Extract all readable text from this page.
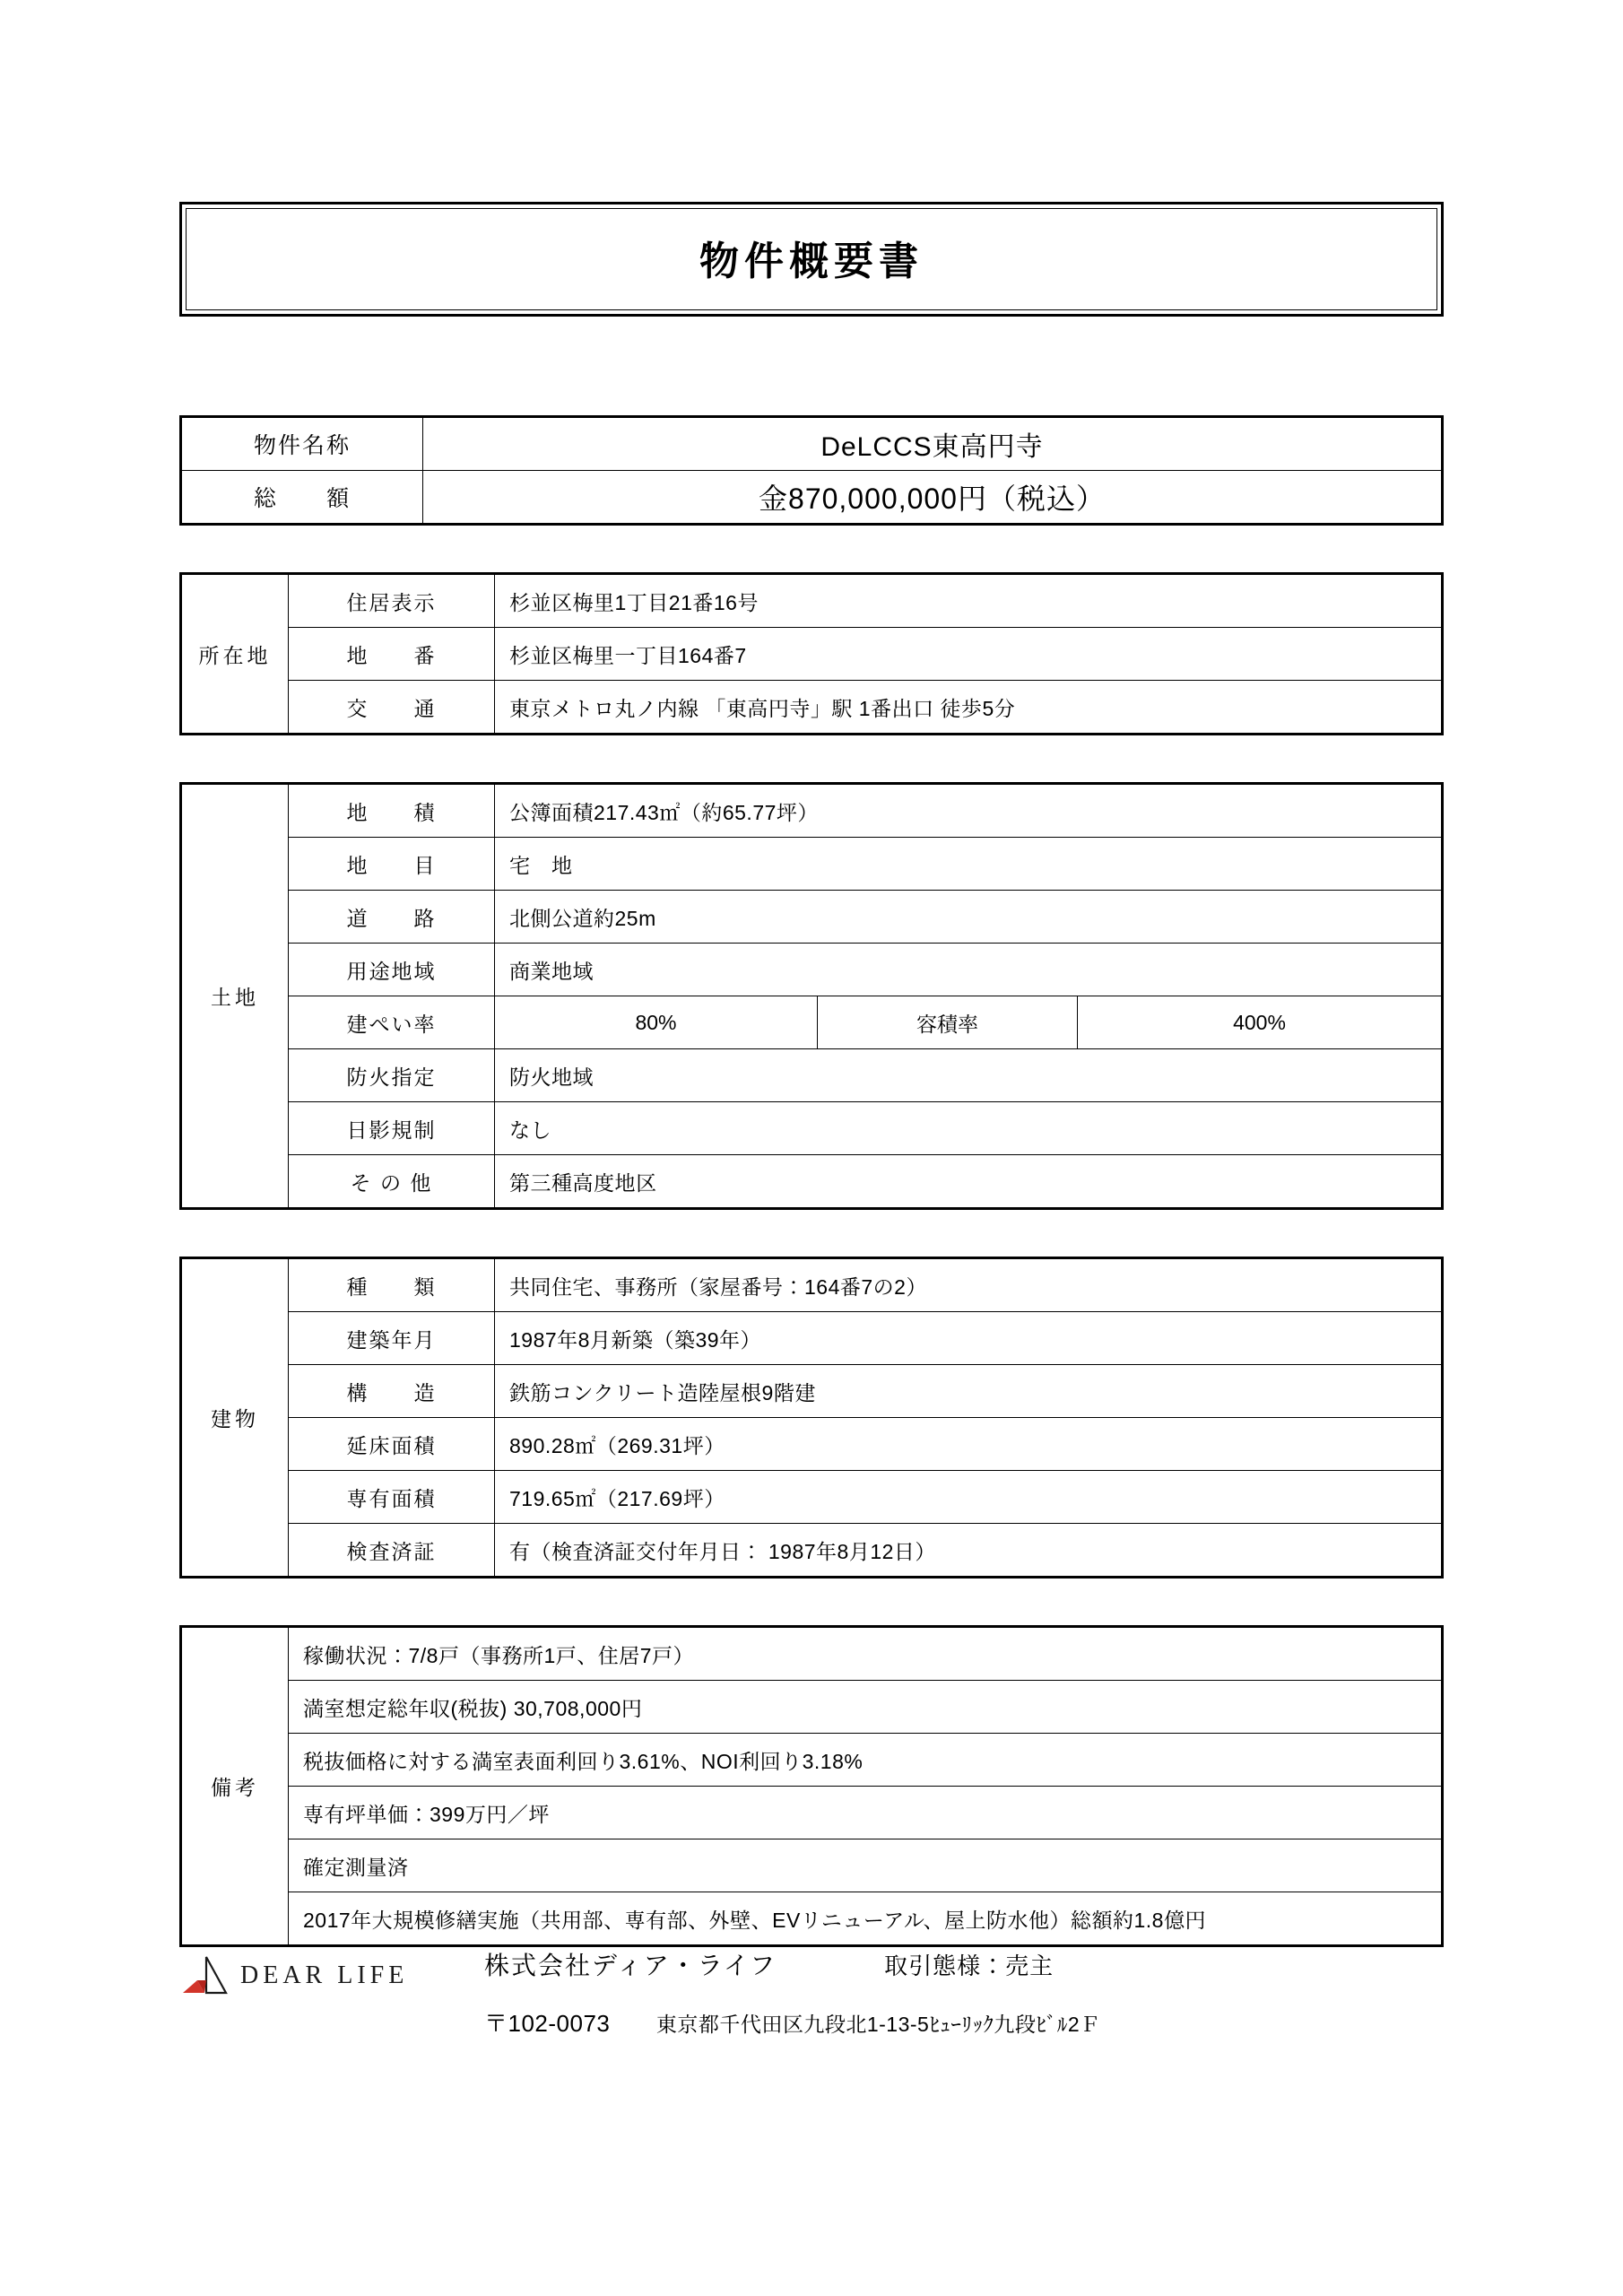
物件概要書
物件名称	DeLCCS東高円寺
総　　額	金870,000,000円（税込）
所在地	住居表示	杉並区梅里1丁目21番16号
	地　　番	杉並区梅里一丁目164番7
	交　　通	東京メトロ丸ノ内線 「東高円寺」駅 1番出口 徒歩5分
土地	地　　積	公簿面積217.43㎡（約65.77坪）		
	地　　目	宅　地		
	道　　路	北側公道約25m		
	用途地域	商業地域		
	建ぺい率	80%	容積率	400%
	防火指定	防火地域		
	日影規制	なし		
	そ の 他	第三種高度地区		
建物	種　　類	共同住宅、事務所（家屋番号：164番7の2）
	建築年月	1987年8月新築（築39年）
	構　　造	鉄筋コンクリート造陸屋根9階建
	延床面積	890.28㎡（269.31坪）
	専有面積	719.65㎡（217.69坪）
	検査済証	有（検査済証交付年月日： 1987年8月12日）
備考	稼働状況：7/8戸（事務所1戸、住居7戸）
満室想定総年収(税抜) 30,708,000円
税抜価格に対する満室表面利回り3.61%、NOI利回り3.18%
専有坪単価：399万円／坪
確定測量済
2017年大規模修繕実施（共用部、専有部、外壁、EVリニューアル、屋上防水他）総額約1.8億円
DEAR LIFE	株式会社ディア・ライフ	取引態様：売主
〒102-0073 東京都千代田区九段北1-13-5ﾋｭｰﾘｯｸ九段ﾋﾞﾙ2Ｆ
